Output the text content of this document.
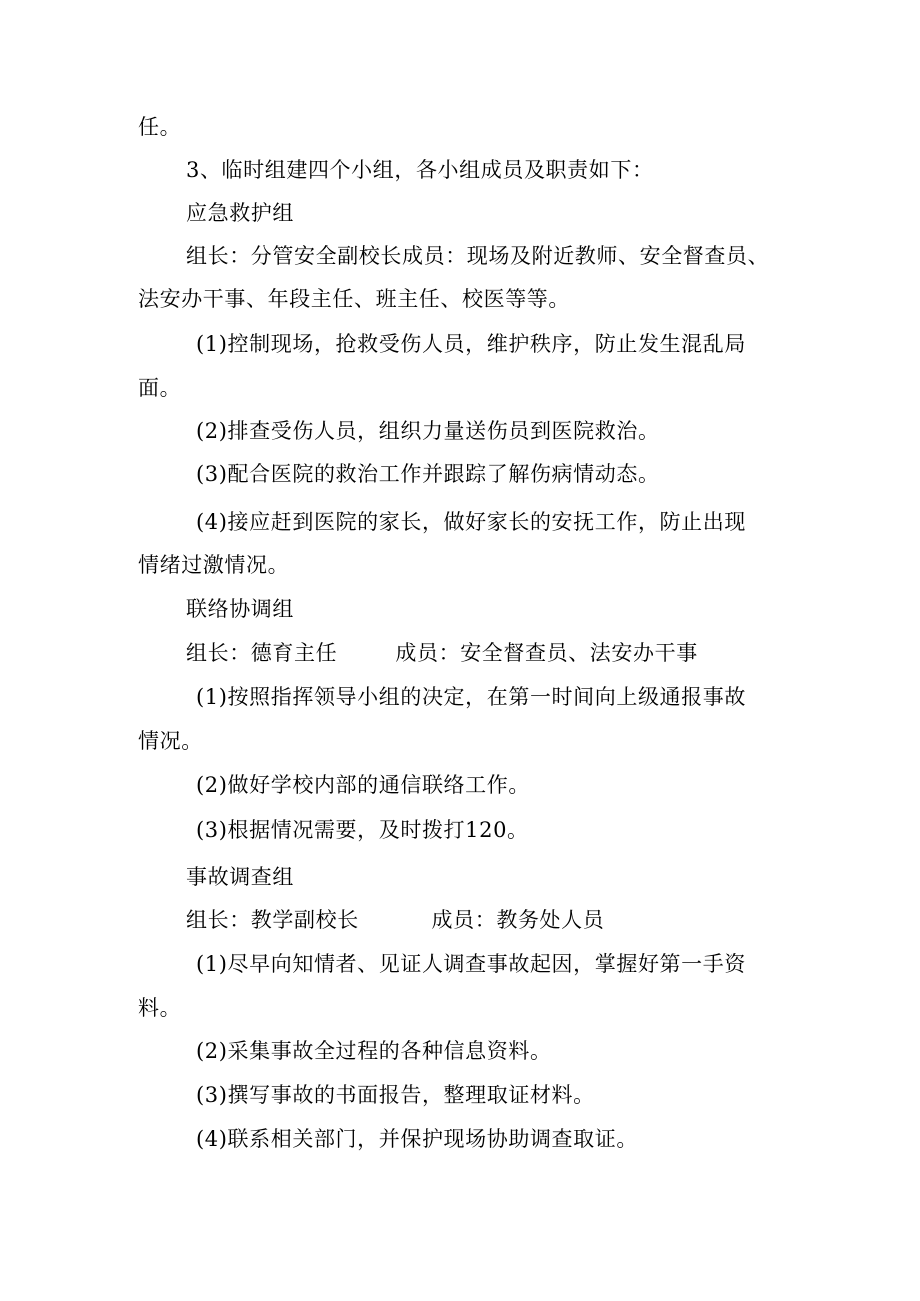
任。
3、临时组建四个小组，各小组成员及职责如下：
应急救护组
组长：分管安全副校长成员：现场及附近教师、安全督查员、
法安办干事、年段主任、班主任、校医等等。
(1)控制现场，抢救受伤人员，维护秩序，防止发生混乱局
面。
(2)排查受伤人员，组织力量送伤员到医院救治。
(3)配合医院的救治工作并跟踪了解伤病情动态。
(4)接应赶到医院的家长，做好家长的安抚工作，防止出现
情绪过激情况。
联络协调组
组长：德育主任        成员：安全督查员、法安办干事
(1)按照指挥领导小组的决定，在第一时间向上级通报事故
情况。
(2)做好学校内部的通信联络工作。
(3)根据情况需要，及时拨打120。
事故调查组
组长：教学副校长          成员：教务处人员
(1)尽早向知情者、见证人调查事故起因，掌握好第一手资
料。
(2)采集事故全过程的各种信息资料。
(3)撰写事故的书面报告，整理取证材料。
(4)联系相关部门，并保护现场协助调查取证。
